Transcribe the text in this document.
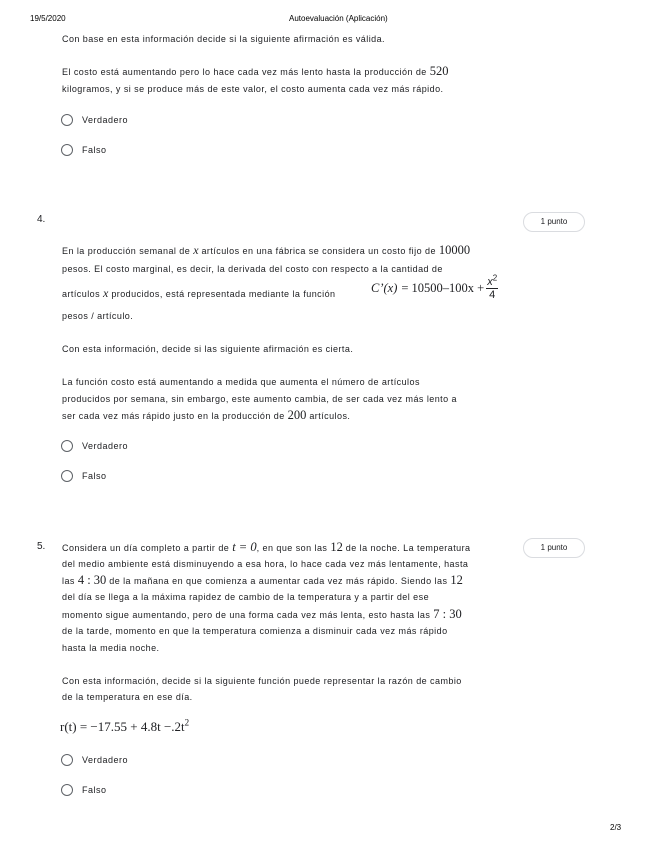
19/5/2020	Autoevaluación (Aplicación)
Con base en esta información decide si la siguiente afirmación es válida.
El costo está aumentando pero lo hace cada vez más lento hasta la producción de 520
kilogramos, y si se produce más de este valor, el costo aumenta cada vez más rápido.
Verdadero
Falso
4.	1 punto
En la producción semanal de x artículos en una fábrica se considera un costo fijo de 10000
pesos. El costo marginal, es decir, la derivada del costo con respecto a la cantidad de
artículos x producidos, está representada mediante la función	C’(x) = $10500-100x + \frac{x^2}{4}$
pesos / artículo.
Con esta información, decide si las siguiente afirmación es cierta.
La función costo está aumentando a medida que aumenta el número de artículos
producidos por semana, sin embargo, este aumento cambia, de ser cada vez más lento a
ser cada vez más rápido justo en la producción de 200 artículos.
Verdadero
Falso
5.	1 punto
Considera un día completo a partir de t = 0, en que son las 12 de la noche. La temperatura
del medio ambiente está disminuyendo a esa hora, lo hace cada vez más lentamente, hasta
las 4 : 30 de la mañana en que comienza a aumentar cada vez más rápido. Siendo las 12
del día se llega a la máxima rapidez de cambio de la temperatura y a partir del ese
momento sigue aumentando, pero de una forma cada vez más lenta, esto hasta las 7 : 30
de la tarde, momento en que la temperatura comienza a disminuir cada vez más rápido
hasta la media noche.
Con esta información, decide si la siguiente función puede representar la razón de cambio
de la temperatura en ese día.
$r(t) = -17.55 + 4.8t -.2t^2$
Verdadero
Falso
2/3
